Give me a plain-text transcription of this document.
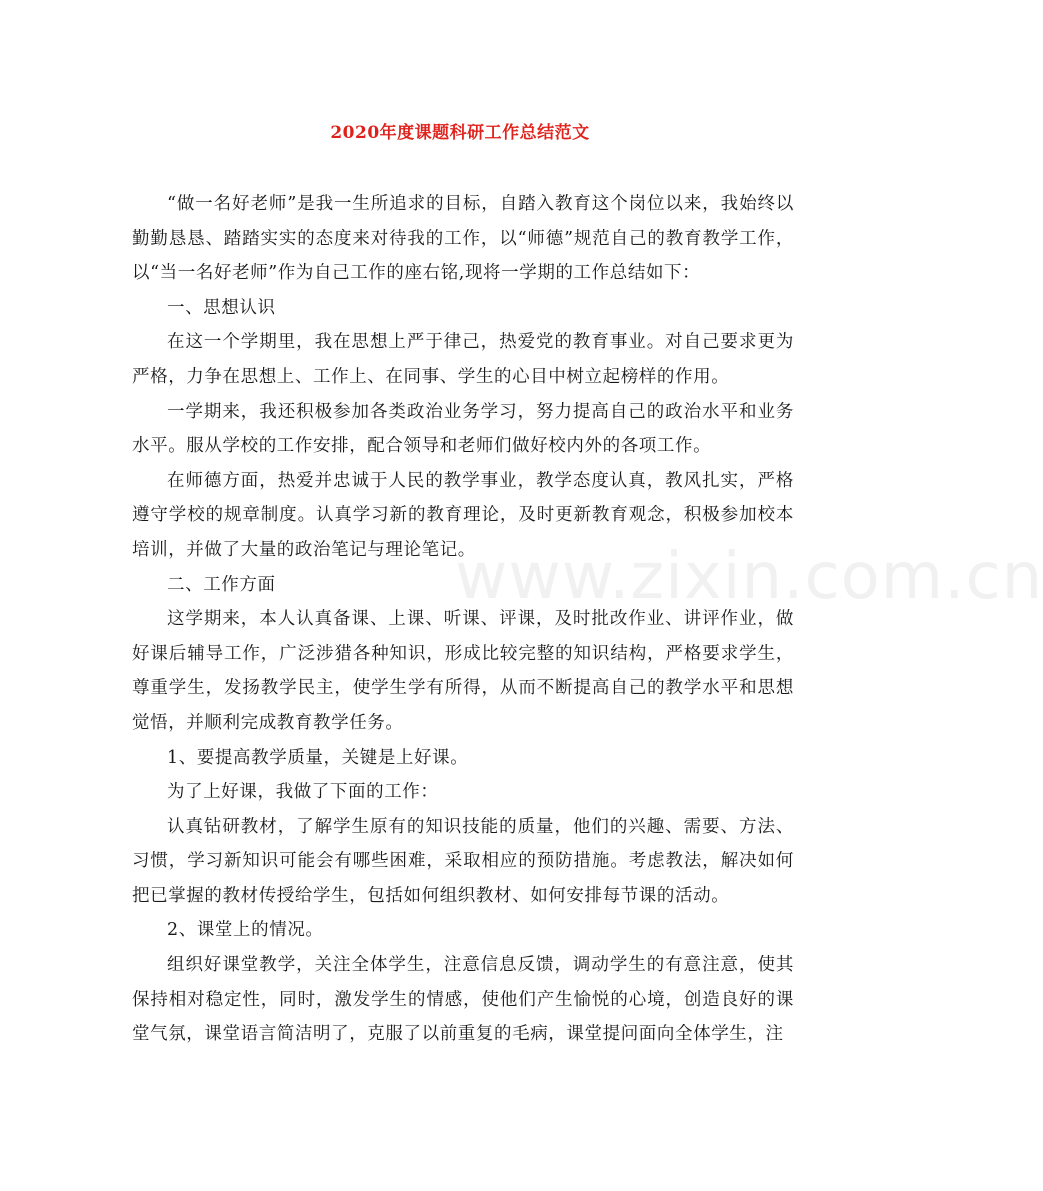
2020年度课题科研工作总结范文
www.zixin.com.cn

“做一名好老师”是我一生所追求的目标，自踏入教育这个岗位以来，我始终以勤勤恳恳、踏踏实实的态度来对待我的工作，以“师德”规范自己的教育教学工作，以“当一名好老师”作为自己工作的座右铭,现将一学期的工作总结如下：

一、思想认识

在这一个学期里，我在思想上严于律己，热爱党的教育事业。对自己要求更为严格，力争在思想上、工作上、在同事、学生的心目中树立起榜样的作用。

一学期来，我还积极参加各类政治业务学习，努力提高自己的政治水平和业务水平。服从学校的工作安排，配合领导和老师们做好校内外的各项工作。

在师德方面，热爱并忠诚于人民的教学事业，教学态度认真，教风扎实，严格遵守学校的规章制度。认真学习新的教育理论，及时更新教育观念，积极参加校本培训，并做了大量的政治笔记与理论笔记。

二、工作方面

这学期来，本人认真备课、上课、听课、评课，及时批改作业、讲评作业，做好课后辅导工作，广泛涉猎各种知识，形成比较完整的知识结构，严格要求学生，尊重学生，发扬教学民主，使学生学有所得，从而不断提高自己的教学水平和思想觉悟，并顺利完成教育教学任务。

1、要提高教学质量，关键是上好课。

为了上好课，我做了下面的工作：

认真钻研教材，了解学生原有的知识技能的质量，他们的兴趣、需要、方法、习惯，学习新知识可能会有哪些困难，采取相应的预防措施。考虑教法，解决如何把已掌握的教材传授给学生，包括如何组织教材、如何安排每节课的活动。

2、课堂上的情况。

组织好课堂教学，关注全体学生，注意信息反馈，调动学生的有意注意，使其保持相对稳定性，同时，激发学生的情感，使他们产生愉悦的心境，创造良好的课堂气氛，课堂语言简洁明了，克服了以前重复的毛病，课堂提问面向全体学生，注
